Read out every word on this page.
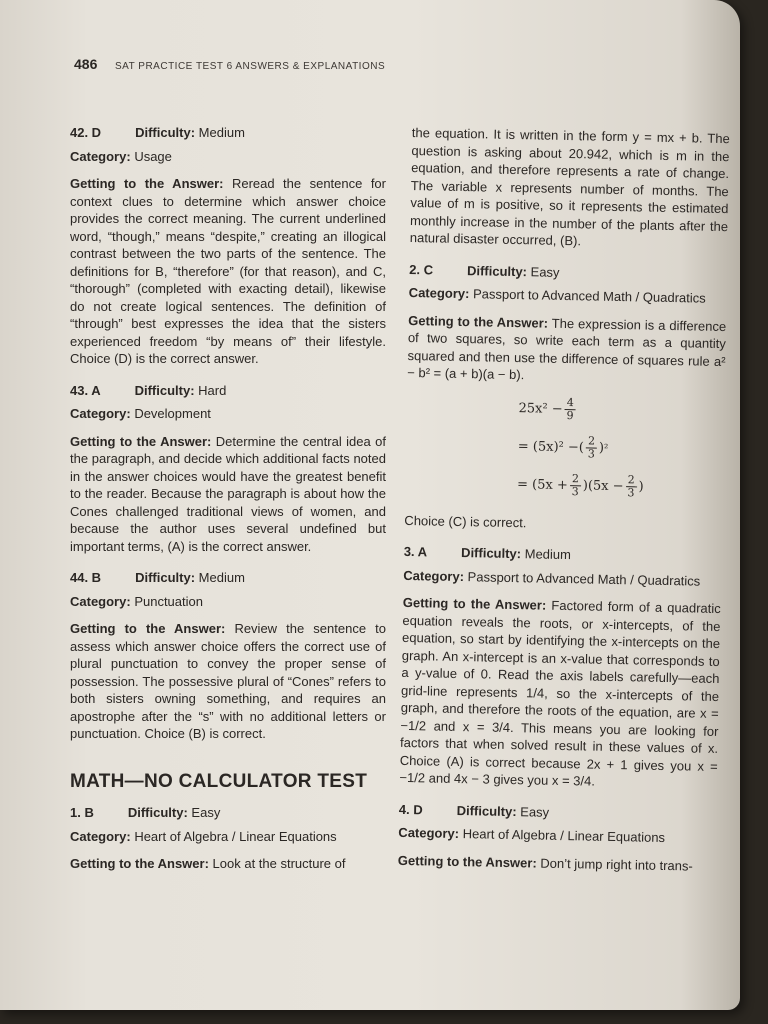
486 SAT PRACTICE TEST 6 ANSWERS & EXPLANATIONS
42. D	Difficulty: Medium
Category: Usage

Getting to the Answer: Reread the sentence for context clues to determine which answer choice provides the correct meaning. The current underlined word, “though,” means “despite,” creating an illogical contrast between the two parts of the sentence. The definitions for B, “therefore” (for that reason), and C, “thorough” (completed with exacting detail), likewise do not create logical sentences. The definition of “through” best expresses the idea that the sisters experienced freedom “by means of” their lifestyle. Choice (D) is the correct answer.

43. A	Difficulty: Hard
Category: Development

Getting to the Answer: Determine the central idea of the paragraph, and decide which additional facts noted in the answer choices would have the greatest benefit to the reader. Because the paragraph is about how the Cones challenged traditional views of women, and because the author uses several undefined but important terms, (A) is the correct answer.

44. B	Difficulty: Medium
Category: Punctuation

Getting to the Answer: Review the sentence to assess which answer choice offers the correct use of plural punctuation to convey the proper sense of possession. The possessive plural of “Cones” refers to both sisters owning something, and requires an apostrophe after the “s” with no additional letters or punctuation. Choice (B) is correct.

MATH—NO CALCULATOR TEST
1. B	Difficulty: Easy
Category: Heart of Algebra / Linear Equations

Getting to the Answer: Look at the structure of

the equation. It is written in the form y = mx + b. The question is asking about 20.942, which is m in the equation, and therefore represents a rate of change. The variable x represents number of months. The value of m is positive, so it represents the estimated monthly increase in the number of the plants after the natural disaster occurred, (B).

2. C	Difficulty: Easy
Category: Passport to Advanced Math / Quadratics

Getting to the Answer: The expression is a difference of two squares, so write each term as a quantity squared and then use the difference of squares rule a² − b² = (a + b)(a − b).

$25x^2 - \frac{4}{9}$
= (5x)² − ( $\frac{2}{3}$ ) ²
= $(5x + \frac{2}{3} )(5x - \frac{2}{3}$ )

Choice (C) is correct.

3. A	Difficulty: Medium
Category: Passport to Advanced Math / Quadratics

Getting to the Answer: Factored form of a quadratic equation reveals the roots, or x-intercepts, of the equation, so start by identifying the x-intercepts on the graph. An x-intercept is an x-value that corresponds to a y-value of 0. Read the axis labels carefully—each grid-line represents 1/4, so the x-intercepts of the graph, and therefore the roots of the equation, are x = −1/2 and x = 3/4. This means you are looking for factors that when solved result in these values of x. Choice (A) is correct because 2x + 1 gives you x = −1/2 and 4x − 3 gives you x = 3/4.

4. D	Difficulty: Easy
Category: Heart of Algebra / Linear Equations

Getting to the Answer: Don’t jump right into trans-
